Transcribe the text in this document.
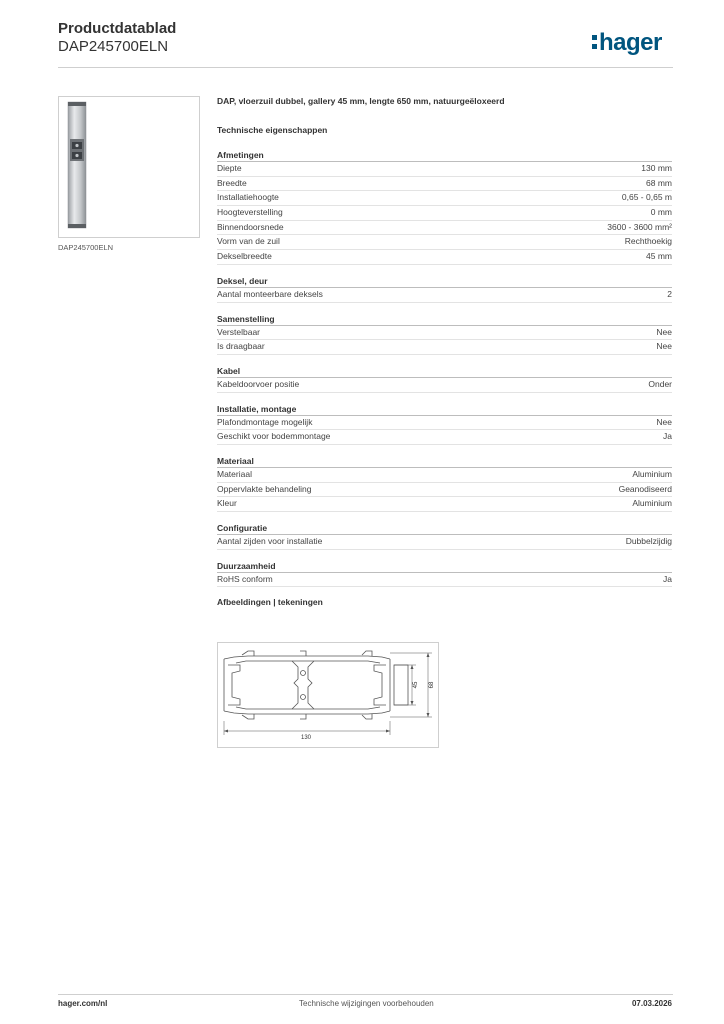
Productdatablad
DAP245700ELN	hager
DAP245700ELN
DAP, vloerzuil dubbel, gallery 45 mm, lengte 650 mm, natuurgeëloxeerd
Technische eigenschappen
Afmetingen
Diepte	130 mm
Breedte	68 mm
Installatiehoogte	0,65 - 0,65 m
Hoogteverstelling	0 mm
Binnendoorsnede	3600 - 3600 mm²
Vorm van de zuil	Rechthoekig
Dekselbreedte	45 mm
Deksel, deur
Aantal monteerbare deksels	2
Samenstelling
Verstelbaar	Nee
Is draagbaar	Nee
Kabel
Kabeldoorvoer positie	Onder
Installatie, montage
Plafondmontage mogelijk	Nee
Geschikt voor bodemmontage	Ja
Materiaal
Materiaal	Aluminium
Oppervlakte behandeling	Geanodiseerd
Kleur	Aluminium
Configuratie
Aantal zijden voor installatie	Dubbelzijdig
Duurzaamheid
RoHS conform	Ja
Afbeeldingen | tekeningen
130
45 68
hager.com/nl	Technische wijzigingen voorbehouden	07.03.2026
